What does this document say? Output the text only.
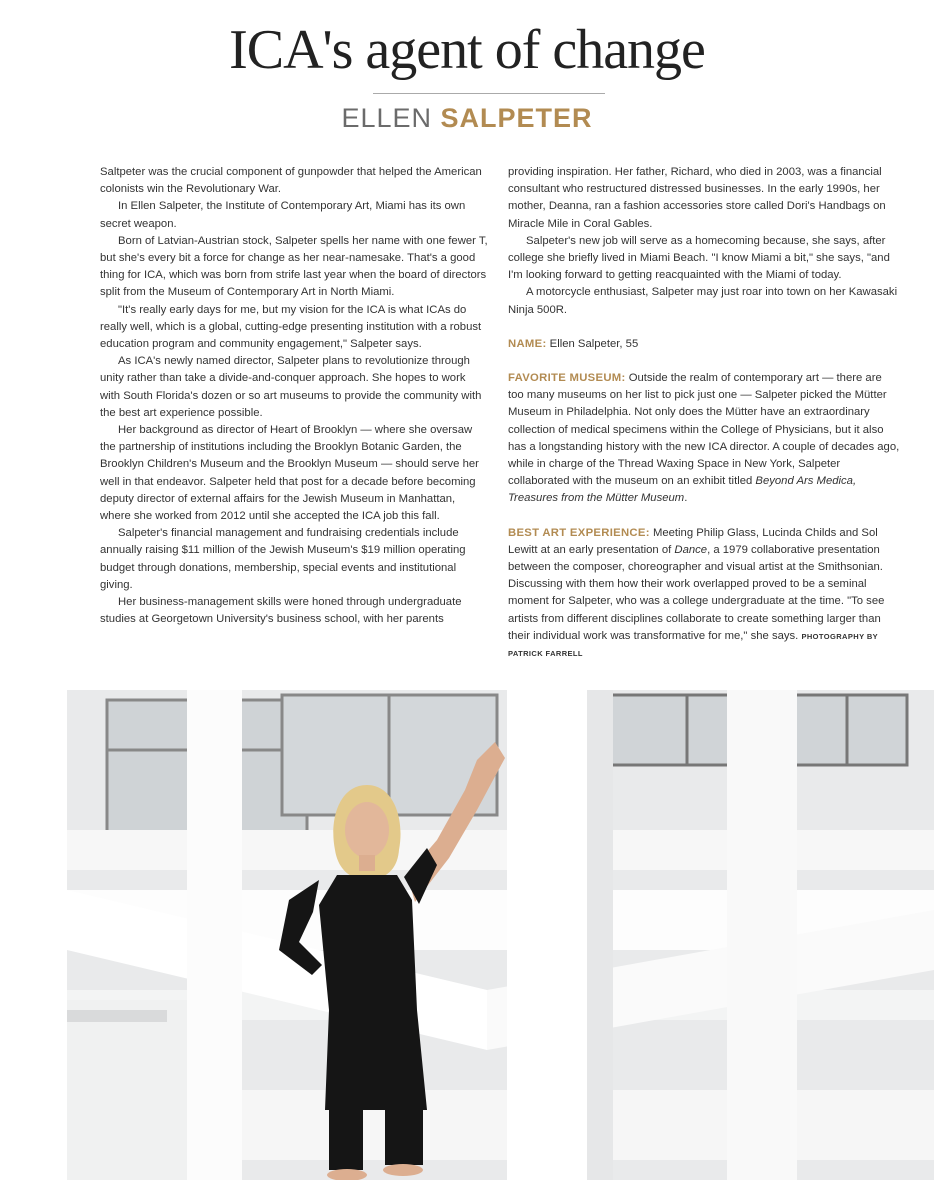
ICA's agent of change
ELLEN SALPETER

Saltpeter was the crucial component of gunpowder that helped the American colonists win the Revolutionary War.

In Ellen Salpeter, the Institute of Contemporary Art, Miami has its own secret weapon.

Born of Latvian-Austrian stock, Salpeter spells her name with one fewer T, but she's every bit a force for change as her near-namesake. That's a good thing for ICA, which was born from strife last year when the board of directors split from the Museum of Contemporary Art in North Miami.

"It's really early days for me, but my vision for the ICA is what ICAs do really well, which is a global, cutting-edge presenting institution with a robust education program and community engagement," Salpeter says.

As ICA's newly named director, Salpeter plans to revolutionize through unity rather than take a divide-and-conquer approach. She hopes to work with South Florida's dozen or so art museums to provide the community with the best art experience possible.

Her background as director of Heart of Brooklyn — where she oversaw the partnership of institutions including the Brooklyn Botanic Garden, the Brooklyn Children's Museum and the Brooklyn Museum — should serve her well in that endeavor. Salpeter held that post for a decade before becoming deputy director of external affairs for the Jewish Museum in Manhattan, where she worked from 2012 until she accepted the ICA job this fall.

Salpeter's financial management and fundraising credentials include annually raising $11 million of the Jewish Museum's $19 million operating budget through donations, membership, special events and institutional giving.

Her business-management skills were honed through undergraduate studies at Georgetown University's business school, with her parents

providing inspiration. Her father, Richard, who died in 2003, was a financial consultant who restructured distressed businesses. In the early 1990s, her mother, Deanna, ran a fashion accessories store called Dori's Handbags on Miracle Mile in Coral Gables.

Salpeter's new job will serve as a homecoming because, she says, after college she briefly lived in Miami Beach. "I know Miami a bit," she says, "and I'm looking forward to getting reacquainted with the Miami of today.

A motorcycle enthusiast, Salpeter may just roar into town on her Kawasaki Ninja 500R.

NAME: Ellen Salpeter, 55

FAVORITE MUSEUM: Outside the realm of contemporary art — there are too many museums on her list to pick just one — Salpeter picked the Mütter Museum in Philadelphia. Not only does the Mütter have an extraordinary collection of medical specimens within the College of Physicians, but it also has a longstanding history with the new ICA director. A couple of decades ago, while in charge of the Thread Waxing Space in New York, Salpeter collaborated with the museum on an exhibit titled Beyond Ars Medica, Treasures from the Mütter Museum.

BEST ART EXPERIENCE: Meeting Philip Glass, Lucinda Childs and Sol Lewitt at an early presentation of Dance, a 1979 collaborative presentation between the composer, choreographer and visual artist at the Smithsonian. Discussing with them how their work overlapped proved to be a seminal moment for Salpeter, who was a college undergraduate at the time. "To see artists from different disciplines collaborate to create something larger than their individual work was transformative for me," she says. PHOTOGRAPHY BY PATRICK FARRELL
